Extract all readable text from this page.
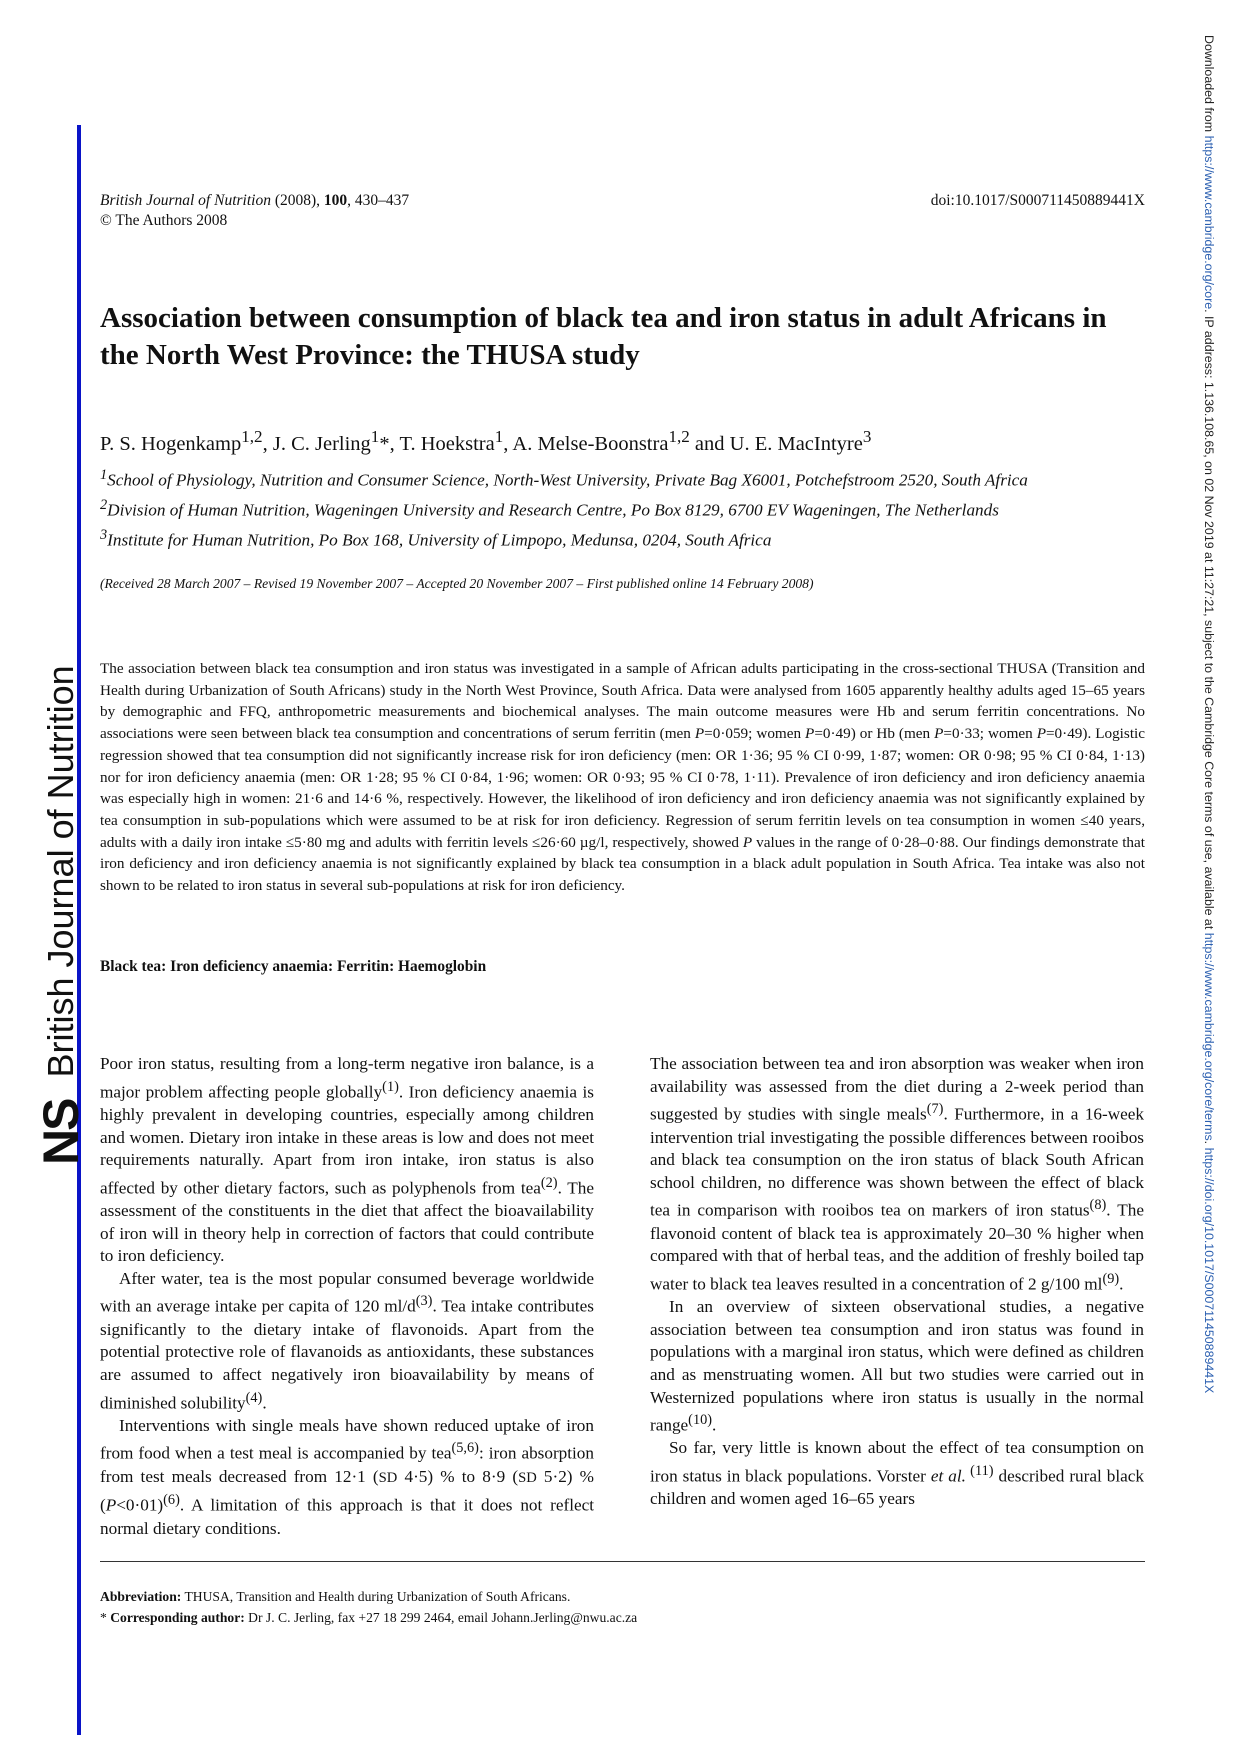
NS
British Journal of Nutrition
Downloaded from https://www.cambridge.org/core. IP address: 1.136.108.65, on 02 Nov 2019 at 11:27:21, subject to the Cambridge Core terms of use, available at https://www.cambridge.org/core/terms. https://doi.org/10.1017/S000711450889441X
British Journal of Nutrition (2008), 100, 430–437
© The Authors 2008
doi:10.1017/S000711450889441X
Association between consumption of black tea and iron status in adult Africans in the North West Province: the THUSA study
P. S. Hogenkamp$^{1,2}$, J. C. Jerling$^1$*, T. Hoekstra$^1$, A. Melse-Boonstra$^{1,2}$ and U. E. MacIntyre$^3$

$^1$School of Physiology, Nutrition and Consumer Science, North-West University, Private Bag X6001, Potchefstroom 2520, South Africa

$^2$Division of Human Nutrition, Wageningen University and Research Centre, Po Box 8129, 6700 EV Wageningen, The Netherlands

$^3$Institute for Human Nutrition, Po Box 168, University of Limpopo, Medunsa, 0204, South Africa

(Received 28 March 2007 – Revised 19 November 2007 – Accepted 20 November 2007 – First published online 14 February 2008)

The association between black tea consumption and iron status was investigated in a sample of African adults participating in the cross-sectional THUSA (Transition and Health during Urbanization of South Africans) study in the North West Province, South Africa. Data were analysed from 1605 apparently healthy adults aged 15–65 years by demographic and FFQ, anthropometric measurements and biochemical analyses. The main outcome measures were Hb and serum ferritin concentrations. No associations were seen between black tea consumption and concentrations of serum ferritin (men P=0·059; women P=0·49) or Hb (men P=0·33; women P=0·49). Logistic regression showed that tea consumption did not significantly increase risk for iron deficiency (men: OR 1·36; 95 % CI 0·99, 1·87; women: OR 0·98; 95 % CI 0·84, 1·13) nor for iron deficiency anaemia (men: OR 1·28; 95 % CI 0·84, 1·96; women: OR 0·93; 95 % CI 0·78, 1·11). Prevalence of iron deficiency and iron deficiency anaemia was especially high in women: 21·6 and 14·6 %, respectively. However, the likelihood of iron deficiency and iron deficiency anaemia was not significantly explained by tea consumption in sub-populations which were assumed to be at risk for iron deficiency. Regression of serum ferritin levels on tea consumption in women ≤40 years, adults with a daily iron intake ≤5·80 mg and adults with ferritin levels ≤26·60 µg/l, respectively, showed P values in the range of 0·28–0·88. Our findings demonstrate that iron deficiency and iron deficiency anaemia is not significantly explained by black tea consumption in a black adult population in South Africa. Tea intake was also not shown to be related to iron status in several sub-populations at risk for iron deficiency.

Black tea: Iron deficiency anaemia: Ferritin: Haemoglobin

Poor iron status, resulting from a long-term negative iron balance, is a major problem affecting people globally$^{(1)}$. Iron deficiency anaemia is highly prevalent in developing countries, especially among children and women. Dietary iron intake in these areas is low and does not meet requirements naturally. Apart from iron intake, iron status is also affected by other dietary factors, such as polyphenols from tea$^{(2)}$. The assessment of the constituents in the diet that affect the bioavailability of iron will in theory help in correction of factors that could contribute to iron deficiency.

After water, tea is the most popular consumed beverage worldwide with an average intake per capita of 120 $ml/d^{(3)}$. Tea intake contributes significantly to the dietary intake of flavonoids. Apart from the potential protective role of flavanoids as antioxidants, these substances are assumed to affect negatively iron bioavailability by means of diminished solubility$^{(4)}$.

Interventions with single meals have shown reduced uptake of iron from food when a test meal is accompanied by tea$^{(5,6)}$: iron absorption from test meals decreased from 12·1 (SD 4·5) % to 8·9 (SD 5·2) % (P<0·01)$^{(6)}$. A limitation of this approach is that it does not reflect normal dietary conditions.

The association between tea and iron absorption was weaker when iron availability was assessed from the diet during a 2-week period than suggested by studies with single meals$^{(7)}$. Furthermore, in a 16-week intervention trial investigating the possible differences between rooibos and black tea consumption on the iron status of black South African school children, no difference was shown between the effect of black tea in comparison with rooibos tea on markers of iron status$^{(8)}$. The flavonoid content of black tea is approximately 20–30 % higher when compared with that of herbal teas, and the addition of freshly boiled tap water to black tea leaves resulted in a concentration of 2 g/100 $ml^{(9)}$.

In an overview of sixteen observational studies, a negative association between tea consumption and iron status was found in populations with a marginal iron status, which were defined as children and as menstruating women. All but two studies were carried out in Westernized populations where iron status is usually in the normal range$^{(10)}$.

So far, very little is known about the effect of tea consumption on iron status in black populations. Vorster et al. $^{(11)}$ described rural black children and women aged 16–65 years

Abbreviation: THUSA, Transition and Health during Urbanization of South Africans.

* Corresponding author: Dr J. C. Jerling, fax +27 18 299 2464, email Johann.Jerling@nwu.ac.za
